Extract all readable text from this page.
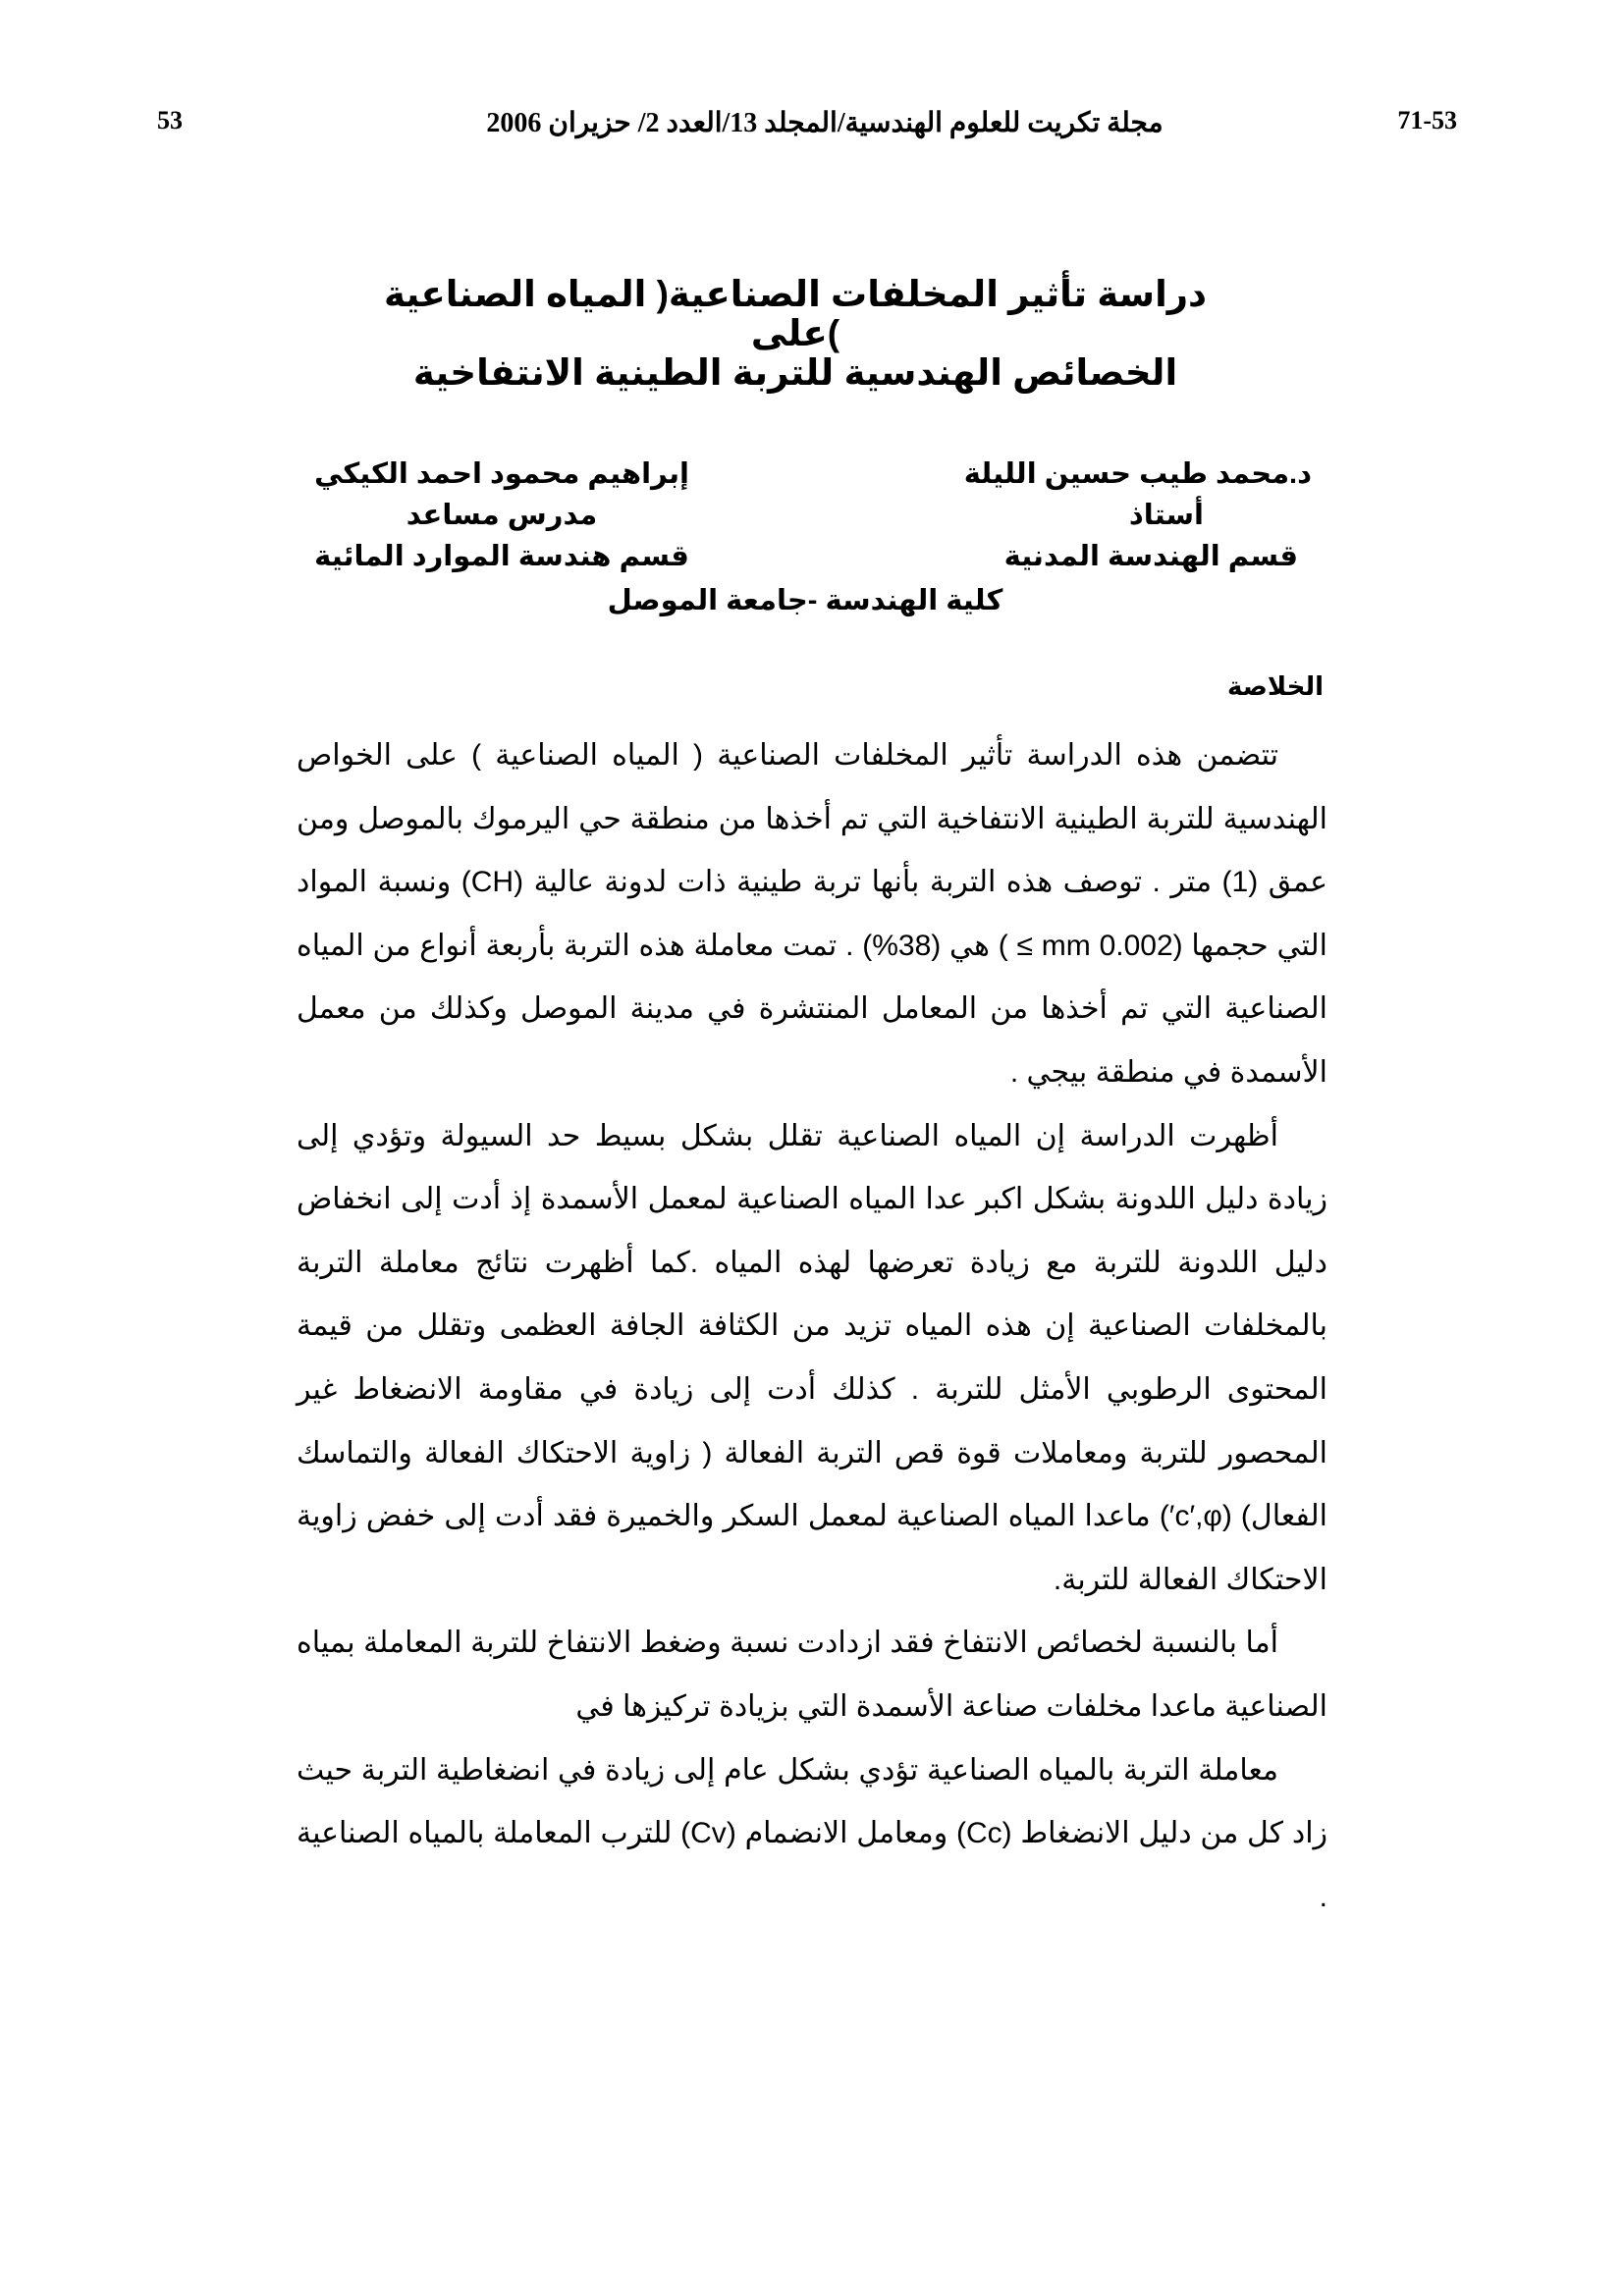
53	مجلة تكريت للعلوم الهندسية/المجلد 13/العدد 2/ حزيران 2006	71-53
دراسة تأثير المخلفات الصناعية( المياه الصناعية )على
الخصائص الهندسية للتربة الطينية الانتفاخية
د.محمد طيب حسين الليلة
أستاذ
قسم الهندسة المدنية
إبراهيم محمود احمد الكيكي
مدرس مساعد
قسم هندسة الموارد المائية
كلية الهندسة -جامعة الموصل
الخلاصة

تتضمن هذه الدراسة تأثير المخلفات الصناعية ( المياه الصناعية ) على الخواص الهندسية للتربة الطينية الانتفاخية التي تم أخذها من منطقة حي اليرموك بالموصل ومن عمق (1) متر . توصف هذه التربة بأنها تربة طينية ذات لدونة عالية (CH) ونسبة المواد التي حجمها (0.002 mm ≥ ) هي (38%) . تمت معاملة هذه التربة بأربعة أنواع من المياه الصناعية التي تم أخذها من المعامل المنتشرة في مدينة الموصل وكذلك من معمل الأسمدة في منطقة بيجي .

أظهرت الدراسة إن المياه الصناعية تقلل بشكل بسيط حد السيولة وتؤدي إلى زيادة دليل اللدونة بشكل اكبر عدا المياه الصناعية لمعمل الأسمدة إذ أدت إلى انخفاض دليل اللدونة للتربة مع زيادة تعرضها لهذه المياه .كما أظهرت نتائج معاملة التربة بالمخلفات الصناعية إن هذه المياه تزيد من الكثافة الجافة العظمى وتقلل من قيمة المحتوى الرطوبي الأمثل للتربة . كذلك أدت إلى زيادة في مقاومة الانضغاط غير المحصور للتربة ومعاملات قوة قص التربة الفعالة ( زاوية الاحتكاك الفعالة والتماسك الفعال) (c′,φ′) ماعدا المياه الصناعية لمعمل السكر والخميرة فقد أدت إلى خفض زاوية الاحتكاك الفعالة للتربة.

أما بالنسبة لخصائص الانتفاخ فقد ازدادت نسبة وضغط الانتفاخ للتربة المعاملة بمياه الصناعية ماعدا مخلفات صناعة الأسمدة التي بزيادة تركيزها في

معاملة التربة بالمياه الصناعية تؤدي بشكل عام إلى زيادة في انضغاطية التربة حيث زاد كل من دليل الانضغاط (Cc) ومعامل الانضمام (Cv) للترب المعاملة بالمياه الصناعية .
